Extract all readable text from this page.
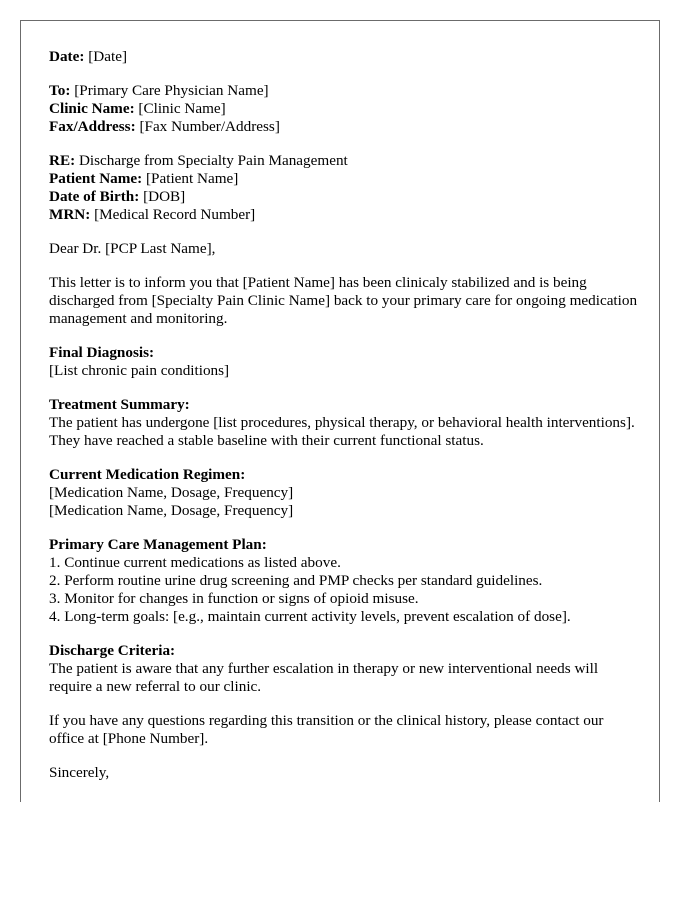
Date: [Date]
To: [Primary Care Physician Name]
Clinic Name: [Clinic Name]
Fax/Address: [Fax Number/Address]
RE: Discharge from Specialty Pain Management
Patient Name: [Patient Name]
Date of Birth: [DOB]
MRN: [Medical Record Number]
Dear Dr. [PCP Last Name],
This letter is to inform you that [Patient Name] has been clinicaly stabilized and is being discharged from [Specialty Pain Clinic Name] back to your primary care for ongoing medication management and monitoring.
Final Diagnosis:
[List chronic pain conditions]
Treatment Summary:
The patient has undergone [list procedures, physical therapy, or behavioral health interventions]. They have reached a stable baseline with their current functional status.
Current Medication Regimen:
[Medication Name, Dosage, Frequency]
[Medication Name, Dosage, Frequency]
Primary Care Management Plan:
1. Continue current medications as listed above.
2. Perform routine urine drug screening and PMP checks per standard guidelines.
3. Monitor for changes in function or signs of opioid misuse.
4. Long-term goals: [e.g., maintain current activity levels, prevent escalation of dose].
Discharge Criteria:
The patient is aware that any further escalation in therapy or new interventional needs will require a new referral to our clinic.
If you have any questions regarding this transition or the clinical history, please contact our office at [Phone Number].
Sincerely,
